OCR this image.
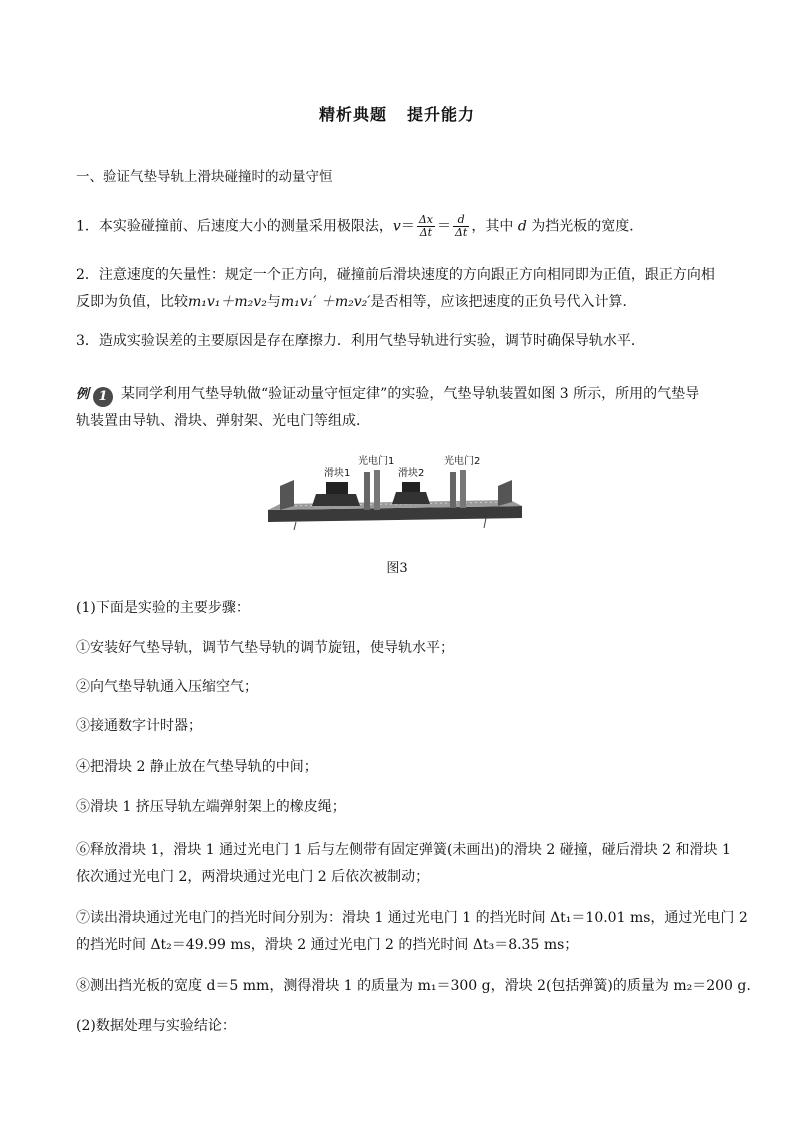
精析典题 提升能力
一、验证气垫导轨上滑块碰撞时的动量守恒
1．本实验碰撞前、后速度大小的测量采用极限法，$v= \frac{\Delta x}{\Delta t} = \frac{d}{\Delta t}$ ，其中 d 为挡光板的宽度．
2．注意速度的矢量性：规定一个正方向，碰撞前后滑块速度的方向跟正方向相同即为正值，跟正方向相
反即为负值，比较m₁v₁＋m₂v₂与m₁v₁′ ＋m₂v₂′是否相等，应该把速度的正负号代入计算．
3．造成实验误差的主要原因是存在摩擦力．利用气垫导轨进行实验，调节时确保导轨水平．
例 1 某同学利用气垫导轨做“验证动量守恒定律”的实验，气垫导轨装置如图 3 所示，所用的气垫导
轨装置由导轨、滑块、弹射架、光电门等组成．
滑块1
光电门1
滑块2
光电门2
图3
(1)下面是实验的主要步骤：
①安装好气垫导轨，调节气垫导轨的调节旋钮，使导轨水平；
②向气垫导轨通入压缩空气；
③接通数字计时器；
④把滑块 2 静止放在气垫导轨的中间；
⑤滑块 1 挤压导轨左端弹射架上的橡皮绳；
⑥释放滑块 1，滑块 1 通过光电门 1 后与左侧带有固定弹簧(未画出)的滑块 2 碰撞，碰后滑块 2 和滑块 1
依次通过光电门 2，两滑块通过光电门 2 后依次被制动；
⑦读出滑块通过光电门的挡光时间分别为：滑块 1 通过光电门 1 的挡光时间 Δt₁＝10.01 ms，通过光电门 2
的挡光时间 Δt₂＝49.99 ms，滑块 2 通过光电门 2 的挡光时间 Δt₃＝8.35 ms；
⑧测出挡光板的宽度 d＝5 mm，测得滑块 1 的质量为 m₁＝300 g，滑块 2(包括弹簧)的质量为 m₂＝200 g.
(2)数据处理与实验结论：
